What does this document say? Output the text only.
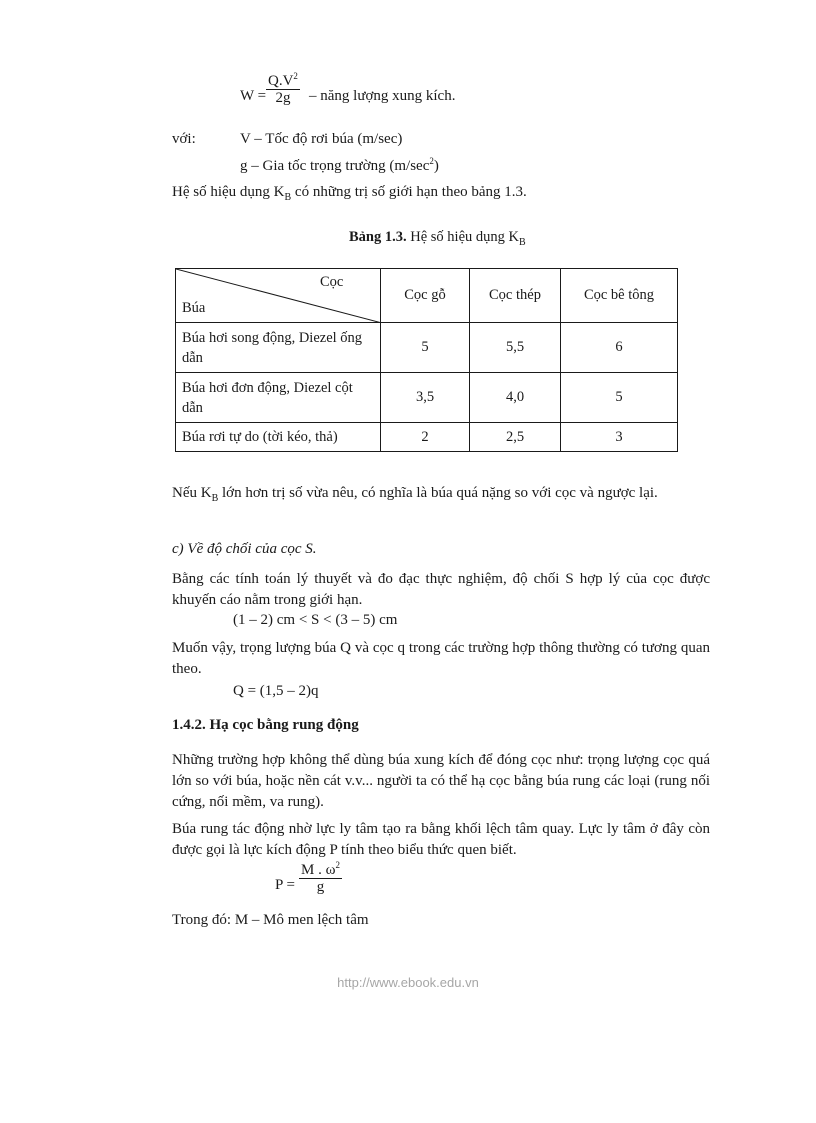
$W = \frac{Q.V^2}{2g}$ – năng lượng xung kích.
với:	V – Tốc độ rơi búa (m/sec)
g – Gia tốc trọng trường $(m/\sec^2)$
Hệ số hiệu dụng $K_B$ có những trị số giới hạn theo bảng 1.3.
Bảng 1.3. Hệ số hiệu dụng $K_B$
Cọc
Búa	Cọc gỗ	Cọc thép	Cọc bê tông
Búa hơi song động, Diezel ống dẫn	5	5,5	6
Búa hơi đơn động, Diezel cột dẫn	3,5	4,0	5
Búa rơi tự do (tời kéo, thả)	2	2,5	3
Nếu $K_B$ lớn hơn trị số vừa nêu, có nghĩa là búa quá nặng so với cọc và ngược lại.
c) Về độ chối của cọc S.
Bằng các tính toán lý thuyết và đo đạc thực nghiệm, độ chối S hợp lý của cọc được khuyến cáo nằm trong giới hạn.
(1 – 2) cm < S < (3 – 5) cm
Muốn vậy, trọng lượng búa Q và cọc q trong các trường hợp thông thường có tương quan theo.
Q = (1,5 – 2)q
1.4.2. Hạ cọc bằng rung động
Những trường hợp không thể dùng búa xung kích để đóng cọc như: trọng lượng cọc quá lớn so với búa, hoặc nền cát v.v... người ta có thể hạ cọc bằng búa rung các loại (rung nối cứng, nối mềm, va rung).
Búa rung tác động nhờ lực ly tâm tạo ra bằng khối lệch tâm quay. Lực ly tâm ở đây còn được gọi là lực kích động P tính theo biểu thức quen biết.
$P = \frac{M . \omega^2}{g}$
Trong đó: M – Mô men lệch tâm
http://www.ebook.edu.vn
